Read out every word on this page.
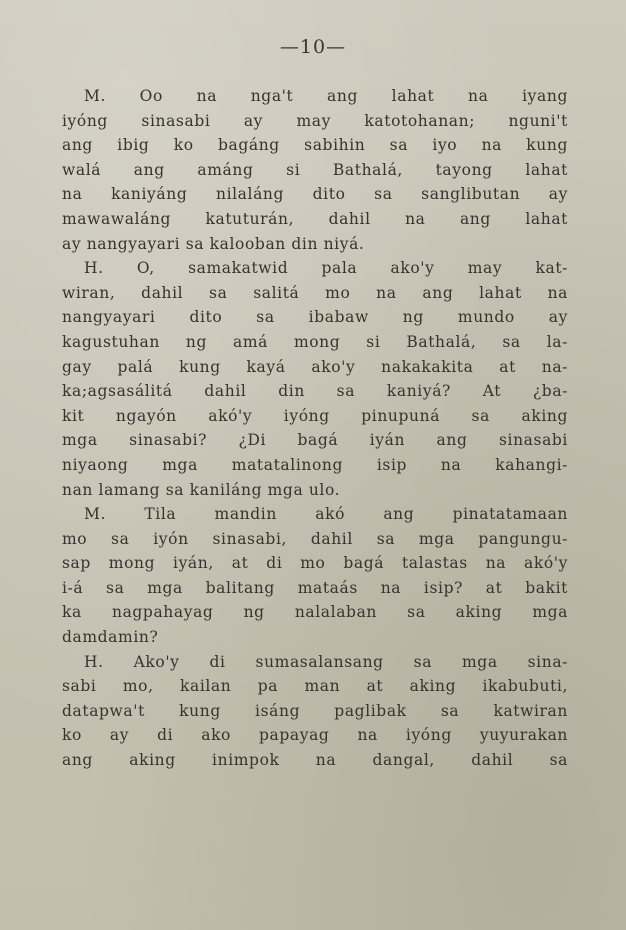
—10—
M. Oo na nga't ang lahat na iyang
iyóng sinasabi ay may katotohanan; nguni't
ang ibig ko bagáng sabihin sa iyo na kung
walá ang amáng si Bathalá, tayong lahat
na kaniyáng nilaláng dito sa sanglibutan ay
mawawaláng katuturán, dahil na ang lahat
ay nangyayari sa kalooban din niyá.
H. O, samakatwid pala ako'y may kat-
wiran, dahil sa salitá mo na ang lahat na
nangyayari dito sa ibabaw ng mundo ay
kagustuhan ng amá mong si Bathalá, sa la-
gay palá kung kayá ako'y nakakakita at na-
ka;agsasálitá dahil din sa kaniyá? At ¿ba-
kit ngayón akó'y iyóng pinupuná sa aking
mga sinasabi? ¿Di bagá iyán ang sinasabi
niyaong mga matatalinong isip na kahangi-
nan lamang sa kaniláng mga ulo.
M. Tila mandin akó ang pinatatamaan
mo sa iyón sinasabi, dahil sa mga pangungu-
sap mong iyán, at di mo bagá talastas na akó'y
i-á sa mga balitang mataás na isip? at bakit
ka nagpahayag ng nalalaban sa aking mga
damdamin?
H. Ako'y di sumasalansang sa mga sina-
sabi mo, kailan pa man at aking ikabubuti,
datapwa't kung isáng paglibak sa katwiran
ko ay di ako papayag na iyóng yuyurakan
ang aking inimpok na dangal, dahil sa
